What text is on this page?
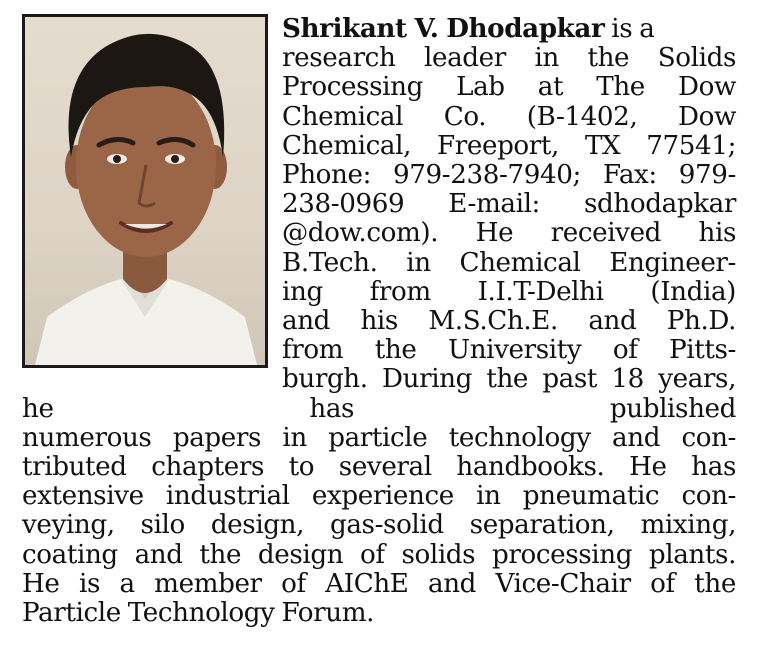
Shrikant V. Dhodapkar is a
research leader in the Solids
Processing Lab at The Dow
Chemical Co. (B-1402, Dow
Chemical, Freeport, TX 77541;
Phone: 979-238-7940; Fax: 979-
238-0969 E-mail: sdhodapkar
@dow.com). He received his
B.Tech. in Chemical Engineer-
ing from I.I.T-Delhi (India)
and his M.S.Ch.E. and Ph.D.
from the University of Pitts-
burgh. During the past 18 years, he has published
numerous papers in particle technology and con-
tributed chapters to several handbooks. He has
extensive industrial experience in pneumatic con-
veying, silo design, gas-solid separation, mixing,
coating and the design of solids processing plants.
He is a member of AIChE and Vice-Chair of the
Particle Technology Forum.
